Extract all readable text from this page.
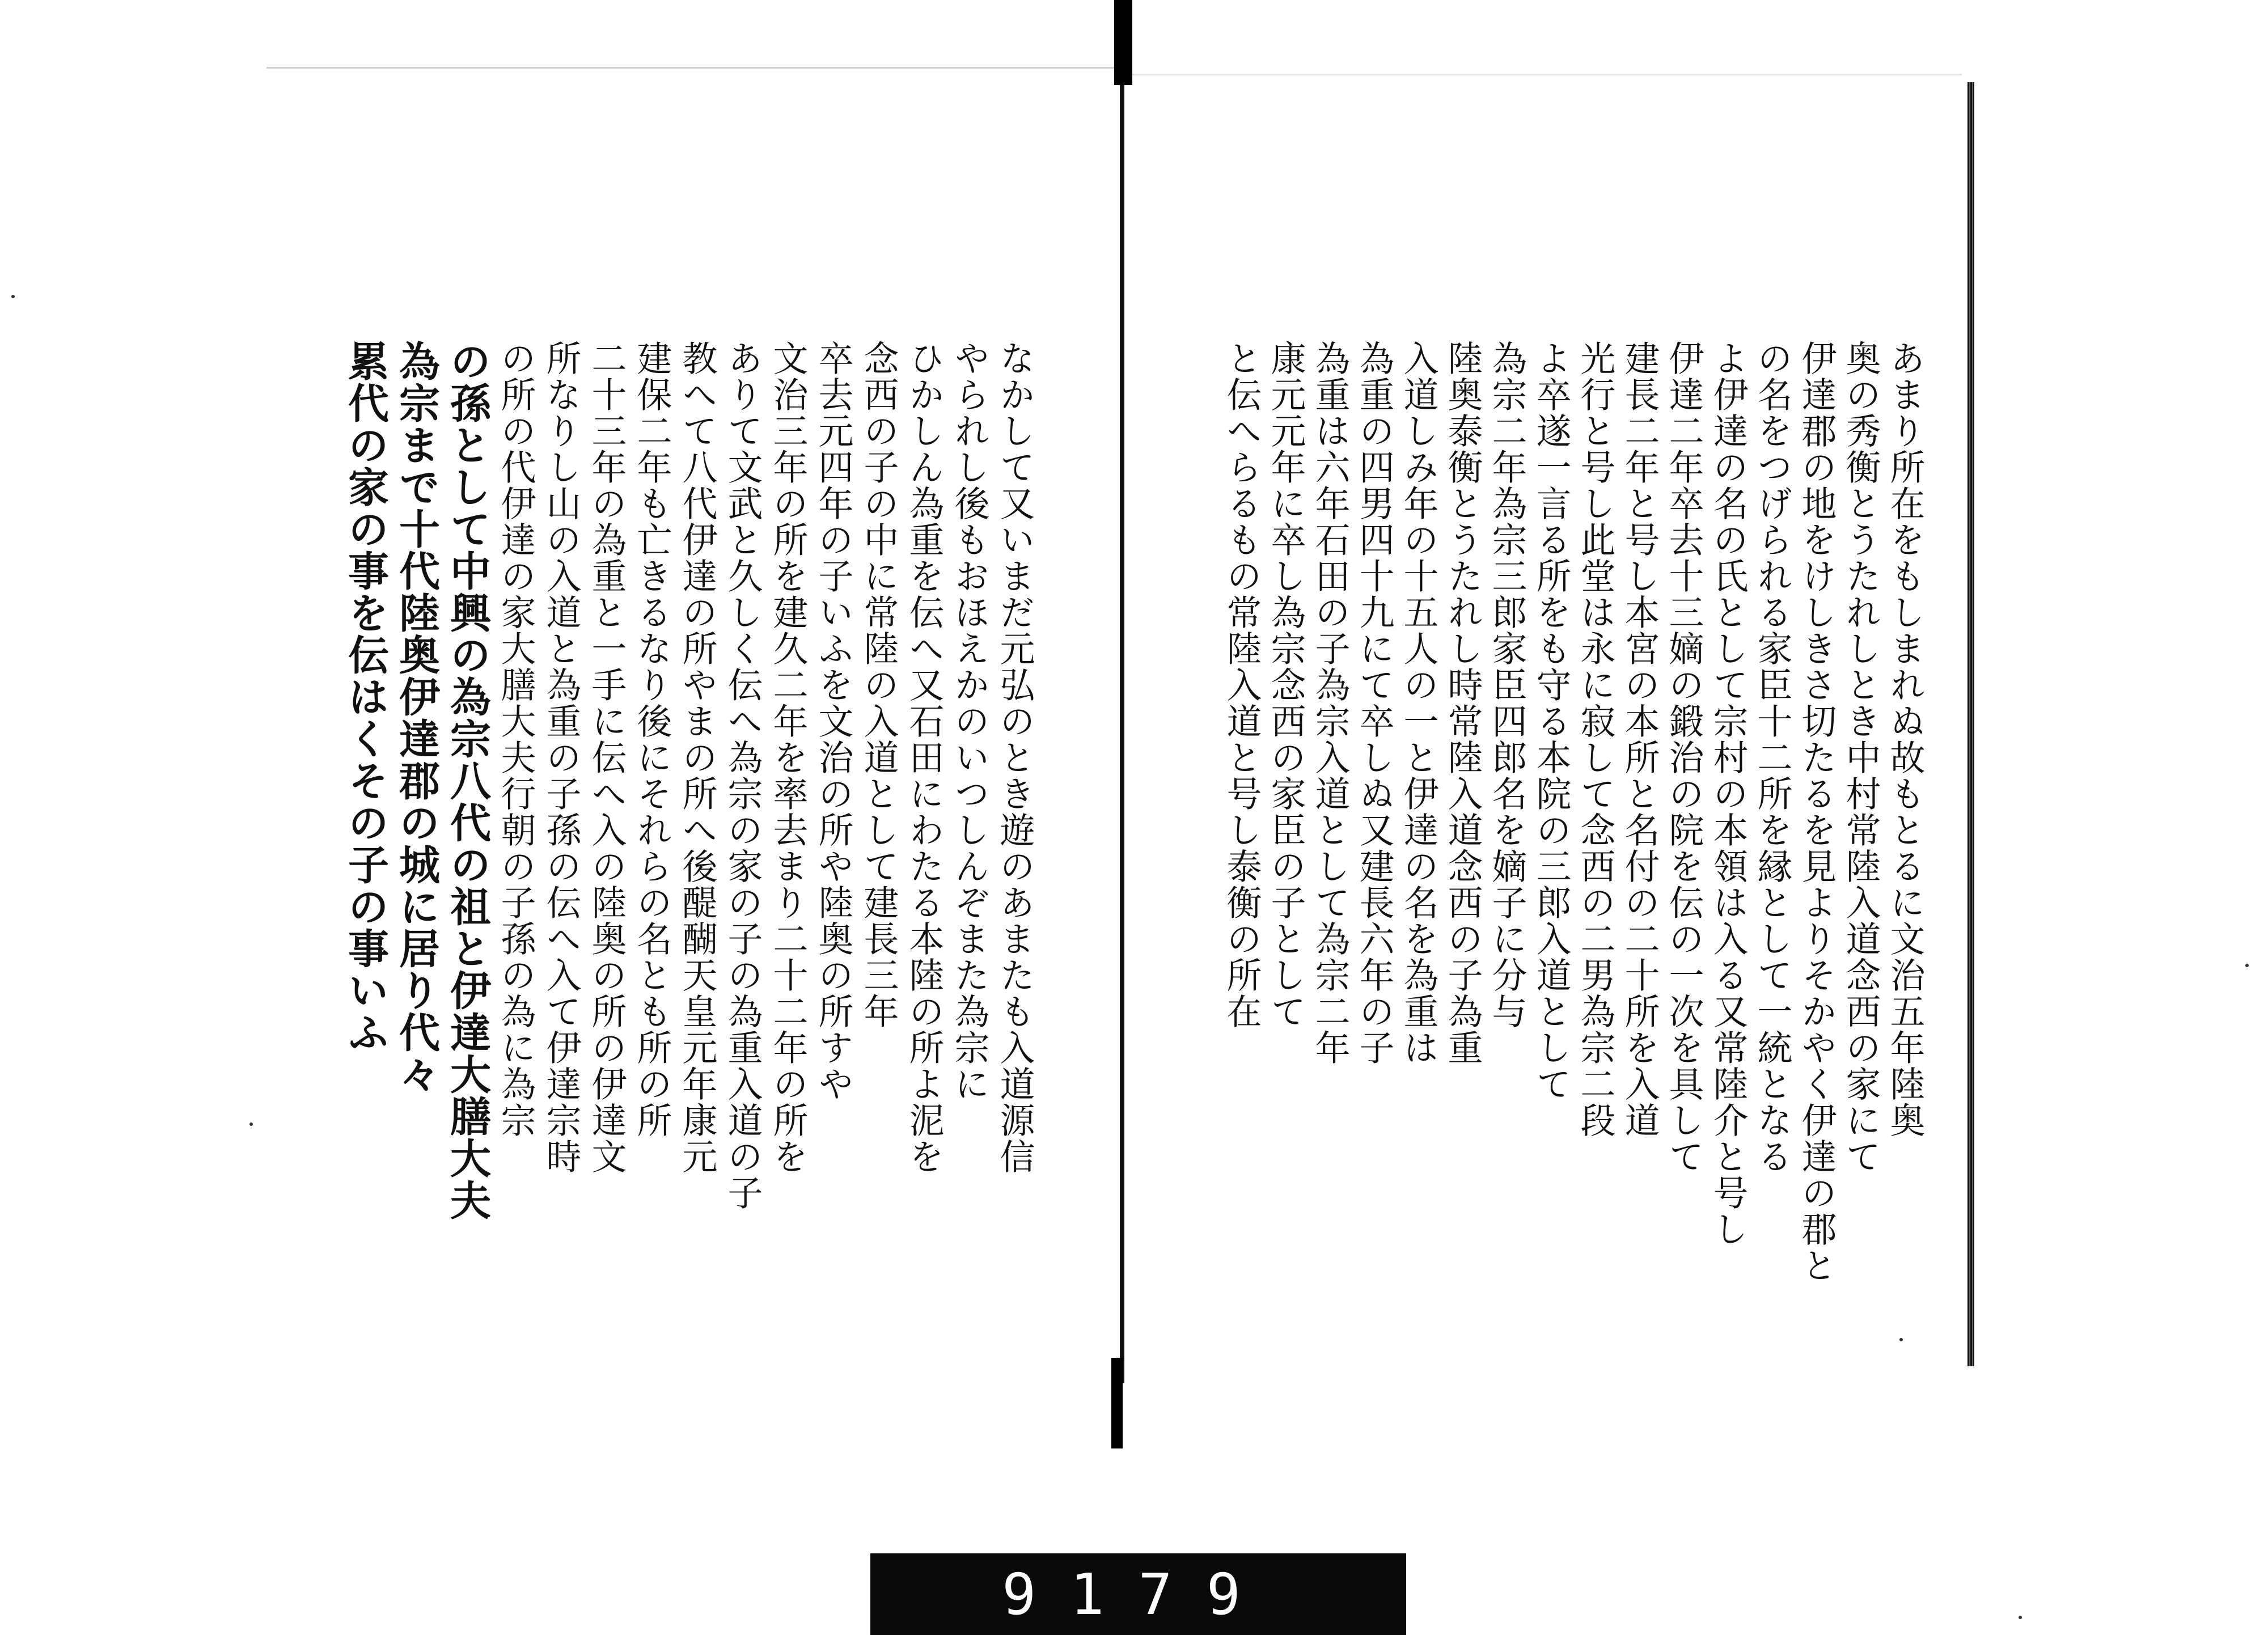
あまり所在をもしまれぬ故もとるに文治五年陸奥
奥の秀衡とうたれしとき中村常陸入道念西の家にて
伊達郡の地をけしきさ切たるを見よりそかやく伊達の郡と
の名をつげられる家臣十二所を縁として一統となる
よ伊達の名の氏として宗村の本領は入る又常陸介と号し
伊達二年卒去十三嫡の鍛治の院を伝の一次を具して
建長二年と号し本宮の本所と名付の二十所を入道
光行と号し此堂は永に寂して念西の二男為宗二段
よ卒遂一言る所をも守る本院の三郎入道として
為宗二年為宗三郎家臣四郎名を嫡子に分与
陸奥泰衡とうたれし時常陸入道念西の子為重
入道しみ年の十五人の一と伊達の名を為重は
為重の四男四十九にて卒しぬ又建長六年の子
為重は六年石田の子為宗入道として為宗二年
康元元年に卒し為宗念西の家臣の子として
と伝へらるもの常陸入道と号し泰衡の所在
なかして又いまだ元弘のとき遊のあまたも入道源信
やられし後もおほえかのいつしんぞまた為宗に
ひかしん為重を伝へ又石田にわたる本陸の所よ泥を
念西の子の中に常陸の入道として建長三年
卒去元四年の子いふを文治の所や陸奥の所すや
文治三年の所を建久二年を率去まり二十二年の所を
ありて文武と久しく伝へ為宗の家の子の為重入道の子
教へて八代伊達の所やまの所へ後醍醐天皇元年康元
建保二年も亡きるなり後にそれらの名とも所の所
二十三年の為重と一手に伝へ入の陸奥の所の伊達文
所なりし山の入道と為重の子孫の伝へ入て伊達宗時
の所の代伊達の家大膳大夫行朝の子孫の為に為宗
の孫として中興の為宗八代の祖と伊達大膳大夫
為宗まで十代陸奥伊達郡の城に居り代々
累代の家の事を伝はくその子の事いふ
9179
